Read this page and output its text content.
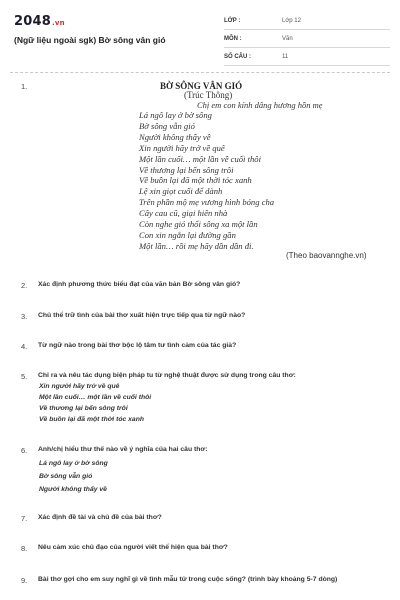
2048.vn
(Ngữ liệu ngoài sgk) Bờ sông vân gió
LỚP :	Lớp 12
MÔN :	Văn
SỐ CÂU :	11
1.	BỜ SÔNG VÂN GIÓ
(Trúc Thông)
Chị em con kính dâng hương hồn mẹ
Lá ngô lay ở bờ sông
Bờ sông vẫn gió
Người không thấy về
Xin người hãy trở về quê
Một lần cuối… một lần về cuối thôi
Về thương lại bến sông trôi
Về buồn lại đã một thời tóc xanh
Lệ xin giọt cuối để dành
Trên phần mộ mẹ vương hình bóng cha
Cây cau cũ, giại hiên nhà
Còn nghe gió thổi sông xa một lần
Con xin ngắn lại đường gần
Một lần… rồi mẹ hãy dần dần đi.
(Theo baovannghe.vn)
2. Xác định phương thức biểu đạt của văn bản Bờ sông vân gió?
3. Chủ thể trữ tình của bài thơ xuất hiện trực tiếp qua từ ngữ nào?
4. Từ ngữ nào trong bài thơ bộc lộ tâm tư tình cảm của tác giả?
5. Chỉ ra và nêu tác dụng biện pháp tu từ nghệ thuật được sử dụng trong câu thơ:
Xin người hãy trở về quê
Một lần cuối… một lần về cuối thôi
Về thương lại bến sông trôi
Về buồn lại đã một thời tóc xanh
6. Anh/chị hiểu thư thế nào về ý nghĩa của hai câu thơ:
Lá ngô lay ở bờ sông
Bờ sông vẫn gió
Người không thấy về
7. Xác định đề tài và chủ đề của bài thơ?
8. Nêu cảm xúc chủ đạo của người viết thể hiện qua bài thơ?
9. Bài thơ gợi cho em suy nghĩ gì về tình mẫu tử trong cuộc sống? (trình bày khoảng 5-7 dòng)
